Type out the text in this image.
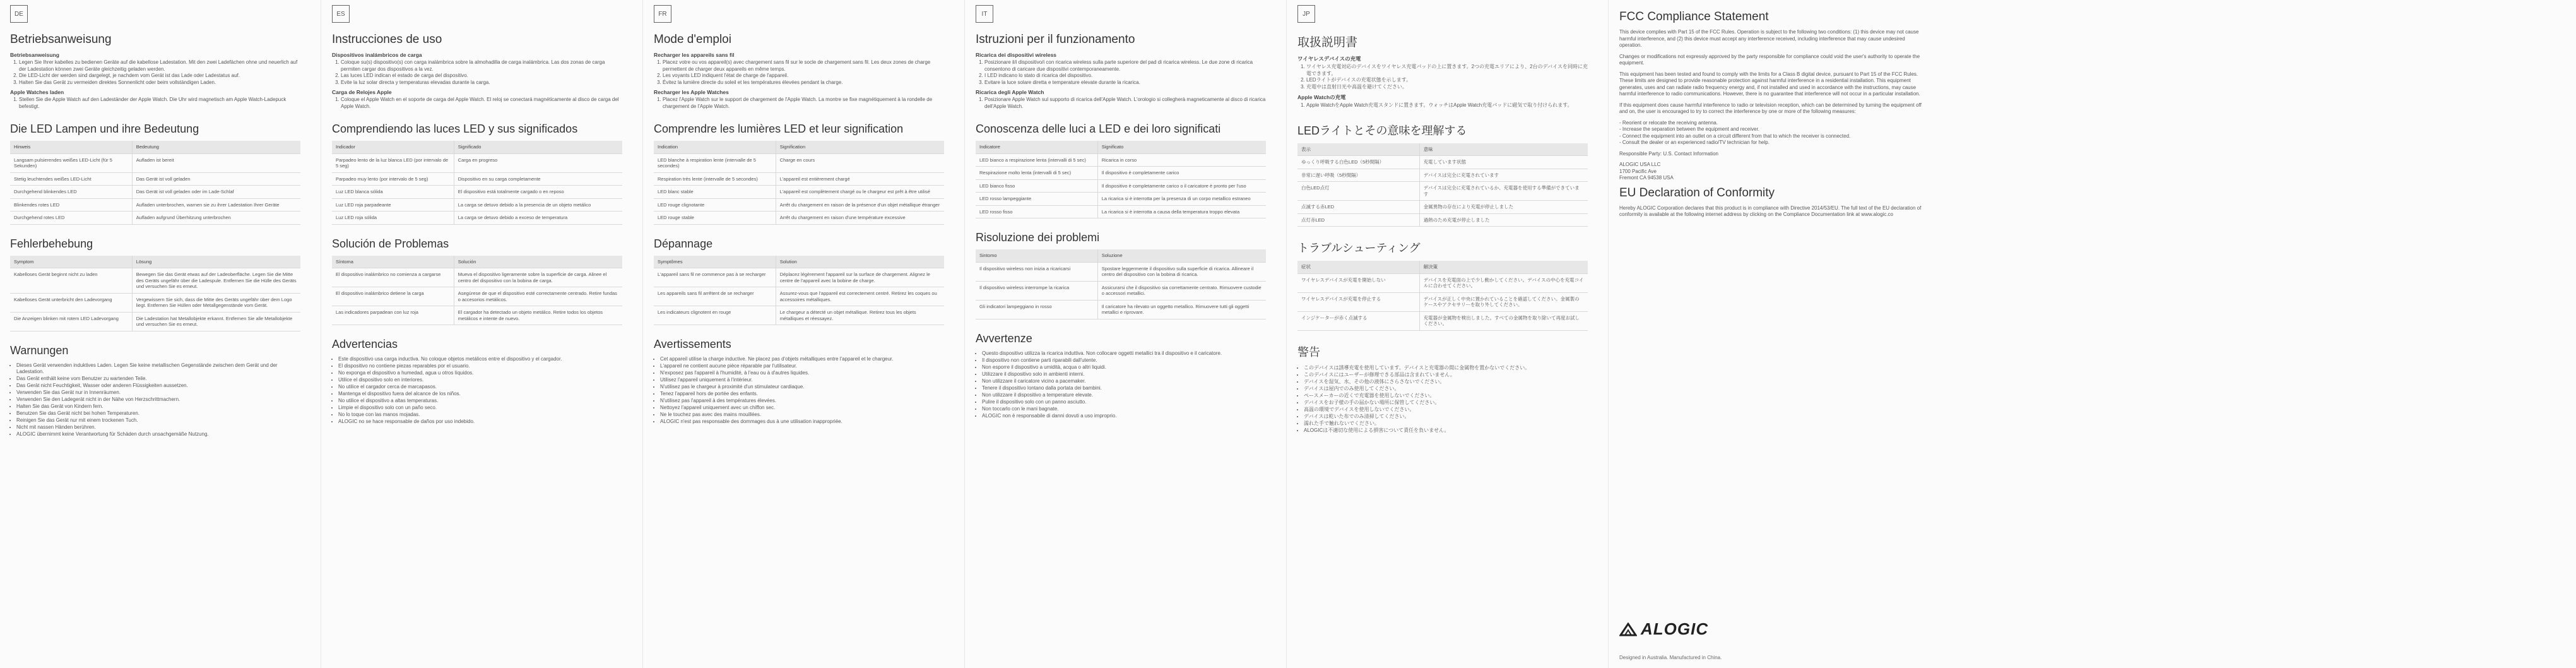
DE
Betriebsanweisung
Betriebsanweisung
1. Legen Sie Ihrer kabelles zu bedienen Geräte auf die kabellose Ladestation. Mit den zwei Ladefächen ohne und neuerlich auf der Ladestation können zwei Geräte gleichzeitig geladen werden.
2. Die LED-Licht der werden sind dargelegt, je nachdem vom Gerät ist das Lade oder Ladestatus auf.
3. Halten Sie das Gerät zu vermeiden direktes Sonnenlicht oder beim vollständigen Laden.
Apple Watches laden
1. Stellen Sie die Apple Watch auf den Ladeständer der Apple Watch. Die Uhr wird magnetisch am Apple Watch-Ladepuck befestigt.
Die LED Lampen und ihre Bedeutung
Hinweis	Bedeutung
Langsam pulsierendes weißes LED-Licht (für 5 Sekunden)	Aufladen ist bereit
Stetig leuchtendes weißes LED-Licht	Das Gerät ist voll geladen
Durchgehend blinkendes LED	Das Gerät ist voll geladen oder im Lade-Schlaf
Blinkendes rotes LED	Aufladen unterbrochen, warnen sie zu ihrer Ladestation Ihrer Geräte
Durchgehend rotes LED	Aufladen aufgrund Überhitzung unterbrochen
Fehlerbehebung
Symptom	Lösung
Kabelloses Gerät beginnt nicht zu laden	Bewegen Sie das Gerät etwas auf der Ladeoberfläche. Legen Sie die Mitte des Geräts ungefähr über die Ladespule. Entfernen Sie die Hülle des Geräts und versuchen Sie es erneut.
Kabelloses Gerät unterbricht den Ladevorgang	Vergewissern Sie sich, dass die Mitte des Geräts ungefähr über dem Logo liegt. Entfernen Sie Hüllen oder Metallgegenstände vom Gerät.
Die Anzeigen blinken mit rotem LED Ladevorgang	Die Ladestation hat Metallobjekte erkannt. Entfernen Sie alle Metallobjekte und versuchen Sie es erneut.
Warnungen
• Dieses Gerät verwenden induktives Laden. Legen Sie keine metallischen Gegenstände zwischen dem Gerät und der Ladestation.
• Das Gerät enthält keine vom Benutzer zu wartenden Teile.
• Das Gerät nicht Feuchtigkeit, Wasser oder anderen Flüssigkeiten aussetzen.
• Verwenden Sie das Gerät nur in Innenräumen.
• Verwenden Sie den Ladegerät nicht in der Nähe von Herzschrittmachern.
• Halten Sie das Gerät von Kindern fern.
• Benutzen Sie das Gerät nicht bei hohen Temperaturen.
• Reinigen Sie das Gerät nur mit einem trockenen Tuch.
• Nicht mit nassen Händen berühren.
• ALOGIC übernimmt keine Verantwortung für Schäden durch unsachgemäße Nutzung.
ES
Instrucciones de uso
Dispositivos inalámbricos de carga
1. Coloque su(s) dispositivo(s) con carga inalámbrica sobre la almohadilla de carga inalámbrica. Las dos zonas de carga permiten cargar dos dispositivos a la vez.
2. Las luces LED indican el estado de carga del dispositivo.
3. Evite la luz solar directa y temperaturas elevadas durante la carga.
Carga de Relojes Apple
1. Coloque el Apple Watch en el soporte de carga del Apple Watch. El reloj se conectará magnéticamente al disco de carga del Apple Watch.
Comprendiendo las luces LED y sus significados
Indicador	Significado
Parpadeo lento de la luz blanca LED (por intervalo de 5 seg)	Carga en progreso
Parpadeo muy lento (por intervalo de 5 seg)	Dispositivo en su carga completamente
Luz LED blanca sólida	El dispositivo está totalmente cargado o en reposo
Luz LED roja parpadeante	La carga se detuvo debido a la presencia de un objeto metálico
Luz LED roja sólida	La carga se detuvo debido a exceso de temperatura
Solución de Problemas
Síntoma	Solución
El dispositivo inalámbrico no comienza a cargarse	Mueva el dispositivo ligeramente sobre la superficie de carga. Alinee el centro del dispositivo con la bobina de carga.
El dispositivo inalámbrico detiene la carga	Asegúrese de que el dispositivo esté correctamente centrado. Retire fundas o accesorios metálicos.
Las indicadores parpadean con luz roja	El cargador ha detectado un objeto metálico. Retire todos los objetos metálicos e intente de nuevo.
Advertencias
• Este dispositivo usa carga inductiva. No coloque objetos metálicos entre el dispositivo y el cargador.
• El dispositivo no contiene piezas reparables por el usuario.
• No exponga el dispositivo a humedad, agua u otros líquidos.
• Utilice el dispositivo solo en interiores.
• No utilice el cargador cerca de marcapasos.
• Mantenga el dispositivo fuera del alcance de los niños.
• No utilice el dispositivo a altas temperaturas.
• Limpie el dispositivo solo con un paño seco.
• No lo toque con las manos mojadas.
• ALOGIC no se hace responsable de daños por uso indebido.
FR
Mode d'emploi
Recharger les appareils sans fil
1. Placez votre ou vos appareil(s) avec chargement sans fil sur le socle de chargement sans fil. Les deux zones de charge permettent de charger deux appareils en même temps.
2. Les voyants LED indiquent l'état de charge de l'appareil.
3. Évitez la lumière directe du soleil et les températures élevées pendant la charge.
Recharger les Apple Watches
1. Placez l'Apple Watch sur le support de chargement de l'Apple Watch. La montre se fixe magnétiquement à la rondelle de chargement de l'Apple Watch.
Comprendre les lumières LED et leur signification
Indication	Signification
LED blanche à respiration lente (intervalle de 5 secondes)	Charge en cours
Respiration très lente (intervalle de 5 secondes)	L'appareil est entièrement chargé
LED blanc stable	L'appareil est complètement chargé ou le chargeur est prêt à être utilisé
LED rouge clignotante	Arrêt du chargement en raison de la présence d'un objet métallique étranger
LED rouge stable	Arrêt du chargement en raison d'une température excessive
Dépannage
Symptômes	Solution
L'appareil sans fil ne commence pas à se recharger	Déplacez légèrement l'appareil sur la surface de chargement. Alignez le centre de l'appareil avec la bobine de charge.
Les appareils sans fil arrêtent de se recharger	Assurez-vous que l'appareil est correctement centré. Retirez les coques ou accessoires métalliques.
Les indicateurs clignotent en rouge	Le chargeur a détecté un objet métallique. Retirez tous les objets métalliques et réessayez.
Avertissements
• Cet appareil utilise la charge inductive. Ne placez pas d'objets métalliques entre l'appareil et le chargeur.
• L'appareil ne contient aucune pièce réparable par l'utilisateur.
• N'exposez pas l'appareil à l'humidité, à l'eau ou à d'autres liquides.
• Utilisez l'appareil uniquement à l'intérieur.
• N'utilisez pas le chargeur à proximité d'un stimulateur cardiaque.
• Tenez l'appareil hors de portée des enfants.
• N'utilisez pas l'appareil à des températures élevées.
• Nettoyez l'appareil uniquement avec un chiffon sec.
• Ne le touchez pas avec des mains mouillées.
• ALOGIC n'est pas responsable des dommages dus à une utilisation inappropriée.
IT
Istruzioni per il funzionamento
Ricarica dei dispositivi wireless
1. Posizionare il/i dispositivo/i con ricarica wireless sulla parte superiore del pad di ricarica wireless. Le due zone di ricarica consentono di caricare due dispositivi contemporaneamente.
2. I LED indicano lo stato di ricarica del dispositivo.
3. Evitare la luce solare diretta e temperature elevate durante la ricarica.
Ricarica degli Apple Watch
1. Posizionare Apple Watch sul supporto di ricarica dell'Apple Watch. L'orologio si collegherà magneticamente al disco di ricarica dell'Apple Watch.
Conoscenza delle luci a LED e dei loro significati
Indicatore	Significato
LED bianco a respirazione lenta (intervalli di 5 sec)	Ricarica in corso
Respirazione molto lenta (intervalli di 5 sec)	Il dispositivo è completamente carico
LED bianco fisso	Il dispositivo è completamente carico o il caricatore è pronto per l'uso
LED rosso lampeggiante	La ricarica si è interrotta per la presenza di un corpo metallico estraneo
LED rosso fisso	La ricarica si è interrotta a causa della temperatura troppo elevata
Risoluzione dei problemi
Sintomo	Soluzione
Il dispositivo wireless non inizia a ricaricarsi	Spostare leggermente il dispositivo sulla superficie di ricarica. Allineare il centro del dispositivo con la bobina di ricarica.
Il dispositivo wireless interrompe la ricarica	Assicurarsi che il dispositivo sia correttamente centrato. Rimuovere custodie o accessori metallici.
Gli indicatori lampeggiano in rosso	Il caricatore ha rilevato un oggetto metallico. Rimuovere tutti gli oggetti metallici e riprovare.
Avvertenze
• Questo dispositivo utilizza la ricarica induttiva. Non collocare oggetti metallici tra il dispositivo e il caricatore.
• Il dispositivo non contiene parti riparabili dall'utente.
• Non esporre il dispositivo a umidità, acqua o altri liquidi.
• Utilizzare il dispositivo solo in ambienti interni.
• Non utilizzare il caricatore vicino a pacemaker.
• Tenere il dispositivo lontano dalla portata dei bambini.
• Non utilizzare il dispositivo a temperature elevate.
• Pulire il dispositivo solo con un panno asciutto.
• Non toccarlo con le mani bagnate.
• ALOGIC non è responsabile di danni dovuti a uso improprio.
JP
取扱説明書
ワイヤレスデバイスの充電
1. ワイヤレス充電対応のデバイスをワイヤレス充電パッドの上に置きます。2つの充電エリアにより、2台のデバイスを同時に充電できます。
2. LEDライトがデバイスの充電状態を示します。
3. 充電中は直射日光や高温を避けてください。
Apple Watchの充電
1. Apple WatchをApple Watch充電スタンドに置きます。ウォッチはApple Watch充電パッドに磁気で取り付けられます。
LEDライトとその意味を理解する
表示	意味
ゆっくり呼吸する白色LED（5秒間隔）	充電しています状態
非常に遅い呼吸（5秒間隔）	デバイスは完全に充電されています
白色LED点灯	デバイスは完全に充電されているか、充電器を使用する準備ができています
点滅する赤LED	金属異物の存在により充電が停止しました
点灯赤LED	過熱のため充電が停止しました
トラブルシューティング
症状	解決策
ワイヤレスデバイスが充電を開始しない	デバイスを充電面の上で少し動かしてください。デバイスの中心を充電コイルに合わせてください。
ワイヤレスデバイスが充電を停止する	デバイスが正しく中央に置かれていることを確認してください。金属製のケースやアクセサリーを取り外してください。
インジケーターが赤く点滅する	充電器が金属物を検出しました。すべての金属物を取り除いて再度お試しください。
警告
• このデバイスは誘導充電を使用しています。デバイスと充電器の間に金属物を置かないでください。
• このデバイスにはユーザーが修理できる部品は含まれていません。
• デバイスを湿気、水、その他の液体にさらさないでください。
• デバイスは屋内でのみ使用してください。
• ペースメーカーの近くで充電器を使用しないでください。
• デバイスをお子様の手の届かない場所に保管してください。
• 高温の環境でデバイスを使用しないでください。
• デバイスは乾いた布でのみ清掃してください。
• 濡れた手で触れないでください。
• ALOGICは不適切な使用による損害について責任を負いません。
FCC Compliance Statement

This device complies with Part 15 of the FCC Rules. Operation is subject to the following two conditions: (1) this device may not cause harmful interference, and (2) this device must accept any interference received, including interference that may cause undesired operation.

Changes or modifications not expressly approved by the party responsible for compliance could void the user's authority to operate the equipment.

This equipment has been tested and found to comply with the limits for a Class B digital device, pursuant to Part 15 of the FCC Rules. These limits are designed to provide reasonable protection against harmful interference in a residential installation. This equipment generates, uses and can radiate radio frequency energy and, if not installed and used in accordance with the instructions, may cause harmful interference to radio communications. However, there is no guarantee that interference will not occur in a particular installation.

If this equipment does cause harmful interference to radio or television reception, which can be determined by turning the equipment off and on, the user is encouraged to try to correct the interference by one or more of the following measures:

- Reorient or relocate the receiving antenna.
- Increase the separation between the equipment and receiver.
- Connect the equipment into an outlet on a circuit different from that to which the receiver is connected.
- Consult the dealer or an experienced radio/TV technician for help.

Responsible Party: U.S. Contact Information

ALOGIC USA LLC
1700 Pacific Ave
Fremont CA 94538 USA

EU Declaration of Conformity

Hereby ALOGIC Corporation declares that this product is in compliance with Directive 2014/53/EU. The full text of the EU declaration of conformity is available at the following internet address by clicking on the Compliance Documentation link at www.alogic.co

ALOGIC
Designed in Australia. Manufactured in China.
